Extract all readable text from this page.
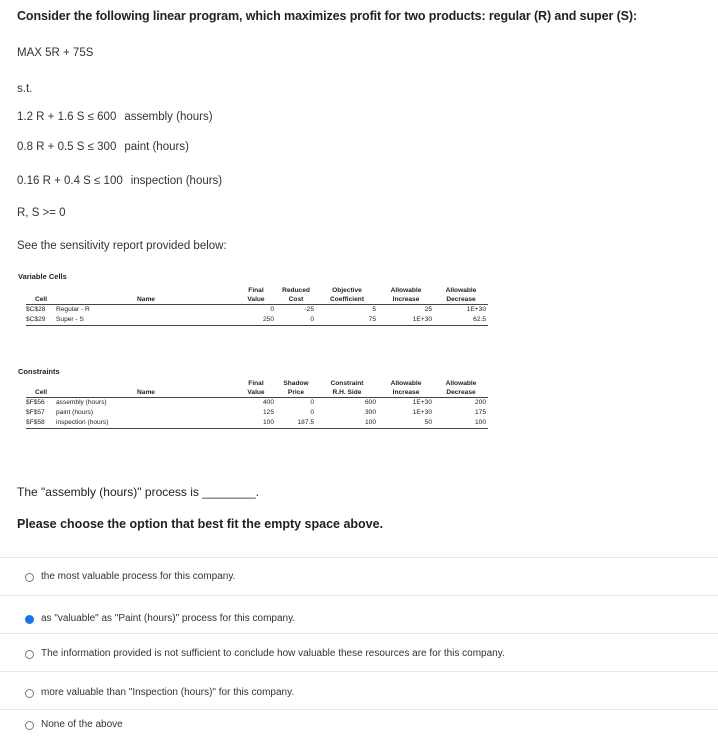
Consider the following linear program, which maximizes profit for two products: regular (R) and super (S):
MAX 5R + 75S
s.t.
1.2 R + 1.6 S ≤ 600 assembly (hours)
0.8 R + 0.5 S ≤ 300 paint (hours)
0.16 R + 0.4 S ≤ 100 inspection (hours)
R, S >= 0
See the sensitivity report provided below:
Variable Cells
		Final	Reduced	Objective	Allowable	Allowable
Cell	Name	Value	Cost	Coefficient	Increase	Decrease
$C$28	Regular - R	0	-25	5	25	1E+30
$C$29	Super - S	250	0	75	1E+30	62.5
Constraints
		Final	Shadow	Constraint	Allowable	Allowable
Cell	Name	Value	Price	R.H. Side	Increase	Decrease
$F$56	assembly (hours)	400	0	600	1E+30	200
$F$57	paint (hours)	125	0	300	1E+30	175
$F$58	inspection (hours)	100	187.5	100	50	100
The "assembly (hours)" process is ________.
Please choose the option that best fit the empty space above.
the most valuable process for this company.
as "valuable" as "Paint (hours)" process for this company.
The information provided is not sufficient to conclude how valuable these resources are for this company.
more valuable than "Inspection (hours)" for this company.
None of the above
